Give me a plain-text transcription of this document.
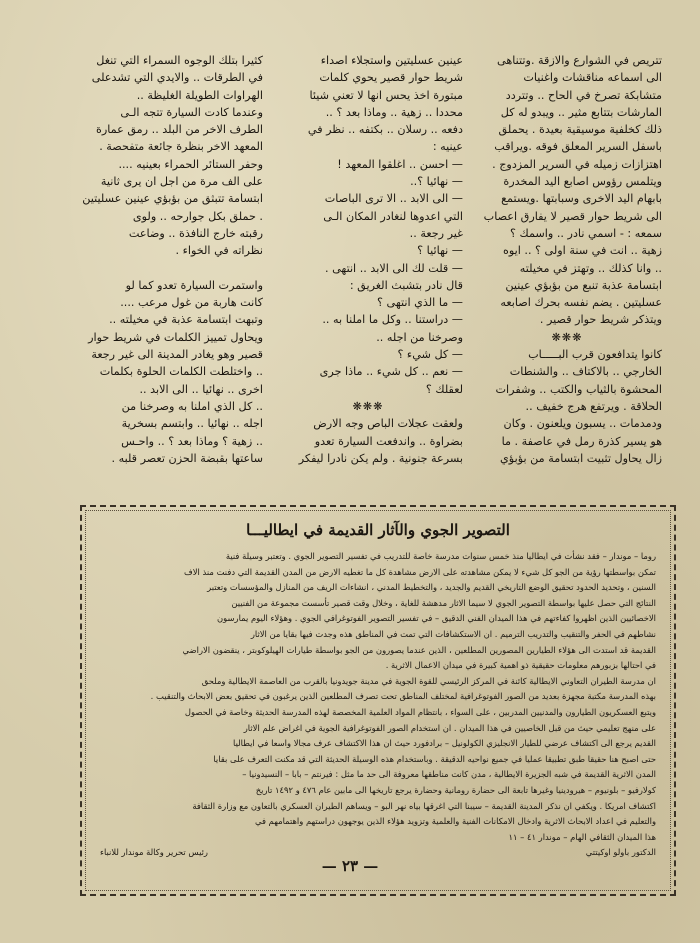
تتريص في الشوارع والازقة .وتتناهى
الى اسماعه مناقشات واغنيات
متشابكة تصرخ في الحاح .. وتتردد
المارشات بتتابع مثير .. ويبدو له كل
ذلك كخلفية موسيقية بعيدة . يحملق
باسفل السرير المعلق فوقه .ويراقب
اهتزازات زميله في السرير المزدوج .
ويتلمس رؤوس اصابع اليد المخدرة
بابهام اليد الاخرى وسبابتها .ويستمع
الى شريط حوار قصير لا يفارق اعصاب
سمعه : - اسمي نادر .. واسمك ؟
زهية .. انت في سنة اولى ؟ .. ايوه
.. وانا كذلك .. وتهتز في مخيلته
ابتسامة عذبة تنبع من بؤبؤي عينين
عسليتين . يضم نفسه بحرك اصابعه
ويتذكر شريط حوار قصير .
❋❋❋
كانوا يتدافعون قرب البـــــاب
الخارجي .. بالاكتاف .. والشنطات
المحشوة بالثياب والكتب .. وشفرات
الحلاقة . ويرتفع هرج خفيف ..
ودمدمات .. يسبون ويلعنون . وكان
هو يسير كذرة رمل في عاصفة . ما
زال يحاول تثبيت ابتسامة من بؤبؤي
عينين عسليتين واستجلاء اصداء
شريط حوار قصير يحوي كلمات
مبتورة اخذ يحس انها لا تعني شيئا
محددا .. زهية .. وماذا بعد ؟ ..
دفعه .. رسلان .. بكتفه .. نظر في
عينيه :
— احسن .. اغلقوا المعهد !
— نهائيا ؟..
— الى الابد .. الا ترى الباصات
التي اعدوها لنغادر المكان الـى
غير رجعة ..
— نهائيا ؟
— قلت لك الى الابد .. انتهى .
قال نادر بتشبث الغريق :
— ما الذي انتهى ؟
— دراستنا .. وكل ما املنا به ..
وصرخنا من اجله ..
— كل شيء ؟
— نعم .. كل شيء .. ماذا جرى
لعقلك ؟
❋❋❋
ولعقت عجلات الباص وجه الارض
بضراوة .. واندفعت السيارة تعدو
بسرعة جنونية . ولم يكن نادرا ليفكر
كثيرا بتلك الوجوه السمراء التي تنغل
في الطرقات .. والايدي التي تشدعلى
الهراوات الطويلة الغليظة ..
وعندما كادت السيارة تتجه الـى
الطرف الاخر من البلد .. رمق عمارة
المعهد الاخر بنظرة جائعة متفحصة .
وحفر الستائر الحمراء بعينيه ....
على الف مرة من اجل ان يرى ثانية
ابتسامة تتبثق من بؤبؤي عينين عسليتين
. حملق بكل جوارحه .. ولوى
رقبته خارج النافذة .. وضاعت
نظراته في الخواء .

واستمرت السيارة تعدو كما لو
كانت هاربة من غول مرعب ....
وتبهت ابتسامة عذبة في مخيلته ..
ويحاول تمييز الكلمات في شريط حوار
قصير وهو يغادر المدينة الى غير رجعة
.. واختلطت الكلمات الحلوة بكلمات
اخرى .. نهائيا .. الى الابد ..
.. كل الذي املنا به وصرخنا من
اجله .. نهائيا .. وابتسم بسخرية
.. زهية ؟ وماذا بعد ؟ .. واحـس
ساعتها بقبضة الحزن تعصر قلبه .
التصوير الجوي والآثار القديمة في ايطاليـــا
روما – موندار – فقد نشأت في ايطاليا منذ خمس سنوات مدرسة خاصة للتدريب في تفسير التصوير الجوي . وتعتبر وسيلة فنية
تمكن بواسطتها رؤية من الجو كل شيء لا يمكن مشاهدته على الارض مشاهدة كل ما تغطيه الارض من المدن القديمة التي دفنت منذ الاف
السنين ، وتحديد الحدود تحقيق الوضع التاريخي القديم والجديد ، والتخطيط المدني ، انشاءات الريف من المنازل والمؤسسات وتعتبر
النتائج التي حصل عليها بواسطة التصوير الجوي لا سيما الاثار مدهشة للغاية ، وخلال وقت قصير تأسست مجموعة من الفنيين
الاخصائيين الذين اظهروا كفاءتهم في هذا الميدان الفني الدقيق – في تفسير التصوير الفوتوغرافي الجوي . وهؤلاء اليوم يمارسون
نشاطهم في الحفر والتنقيب والتدريب الترميم . ان الاستكشافات التي تمت في المناطق هذه وجدت فيها بقايا من الاثار
القديمة قد استدت الى هؤلاء الطيارين المصورين المطلعين ، الذين عندما يصورون من الجو بواسطة طيارات الهيلوكوبتر ، ينقضون الاراضي
في احتالها بزبورهم معلومات حقيقية ذو اهمية كبيرة في ميدان الاعمال الاثرية .
ان مدرسة الطيران التعاوني الايطالية كائنة في المركز الرئيسي للقوة الجوية في مدينة جويدونيا بالقرب من العاصمة الايطالية وملحق
بهذه المدرسة مكتبة مجهزة بعديد من الصور الفوتوغرافية لمختلف المناطق تحت تصرف المطلعين الذين يرغبون في تحقيق بعض الابحاث والتنقيب .
ويتبع العسكريون الطيارون والمدنيين المدربين ، على السواء ، بانتظام المواد العلمية المخصصة لهذه المدرسة الحديثة وخاصة في الحصول
على منهج تعليمي حيث من قبل الخاصيين في هذا الميدان . ان استخدام الصور الفوتوغرافية الجوية في اغراض علم الاثار
القديم يرجع الى اكتشاف عرضي للطيار الانجليزي الكولونيل – برادفورد حيث ان هذا الاكتشاف عرف مجالا واسعا في ايطاليا
حتى اصبح هنا حقيقا طبق تطبيقا عمليا في جميع نواحيه الدقيقة . وباستخدام هذه الوسيلة الحديثة التي قد مكنت التعرف على بقايا
المدن الاثرية القديمة في شبه الجزيرة الايطالية ، مدن كانت مناطقها معروفة الى حد ما مثل : فيرنتم – بابا – النسيدونيا –
كولارفيو – بلونيوم – هيرودينيا وغيرها تابعة الى حضارة رومانية وحضارة يرجع تاريخها الى مابين عام ٤٧٦ و ١٤٩٢ تاريخ
اكتشاف امريكا . ويكفي ان نذكر المدينة القديمة – سيبنا التي اغرقها بياه نهر البو – ويساهم الطيران العسكري بالتعاون مع وزارة الثقافة
والتعليم في اعداد الابحاث الاثرية وادخال الامكانات الفنية والعلمية وتزويد هؤلاء الذين يوجهون دراستهم واهتمامهم في
هذا الميدان الثقافي الهام – موندار ٤١ – ١١
الدكتور باولو اوكيتتي
رئيس تحرير وكالة موندار للانباء
— ٢٣ —
